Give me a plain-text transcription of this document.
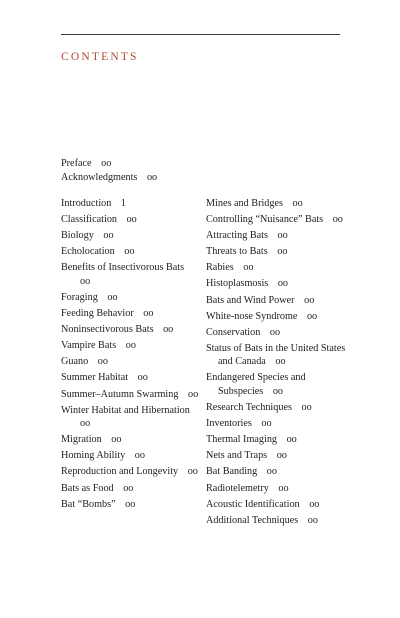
CONTENTS
Preface oo
Acknowledgments oo
Introduction 1
Classification oo
Biology oo
Echolocation oo
Benefits of Insectivorous Bats oo
Foraging oo
Feeding Behavior oo
Noninsectivorous Bats oo
Vampire Bats oo
Guano oo
Summer Habitat oo
Summer–Autumn Swarming oo
Winter Habitat and Hibernation oo
Migration oo
Homing Ability oo
Reproduction and Longevity oo
Bats as Food oo
Bat “Bombs” oo
Mines and Bridges oo
Controlling “Nuisance” Bats oo
Attracting Bats oo
Threats to Bats oo
Rabies oo
Histoplasmosis oo
Bats and Wind Power oo
White-nose Syndrome oo
Conservation oo
Status of Bats in the United States and Canada oo
Endangered Species and Subspecies oo
Research Techniques oo
Inventories oo
Thermal Imaging oo
Nets and Traps oo
Bat Banding oo
Radiotelemetry oo
Acoustic Identification oo
Additional Techniques oo
